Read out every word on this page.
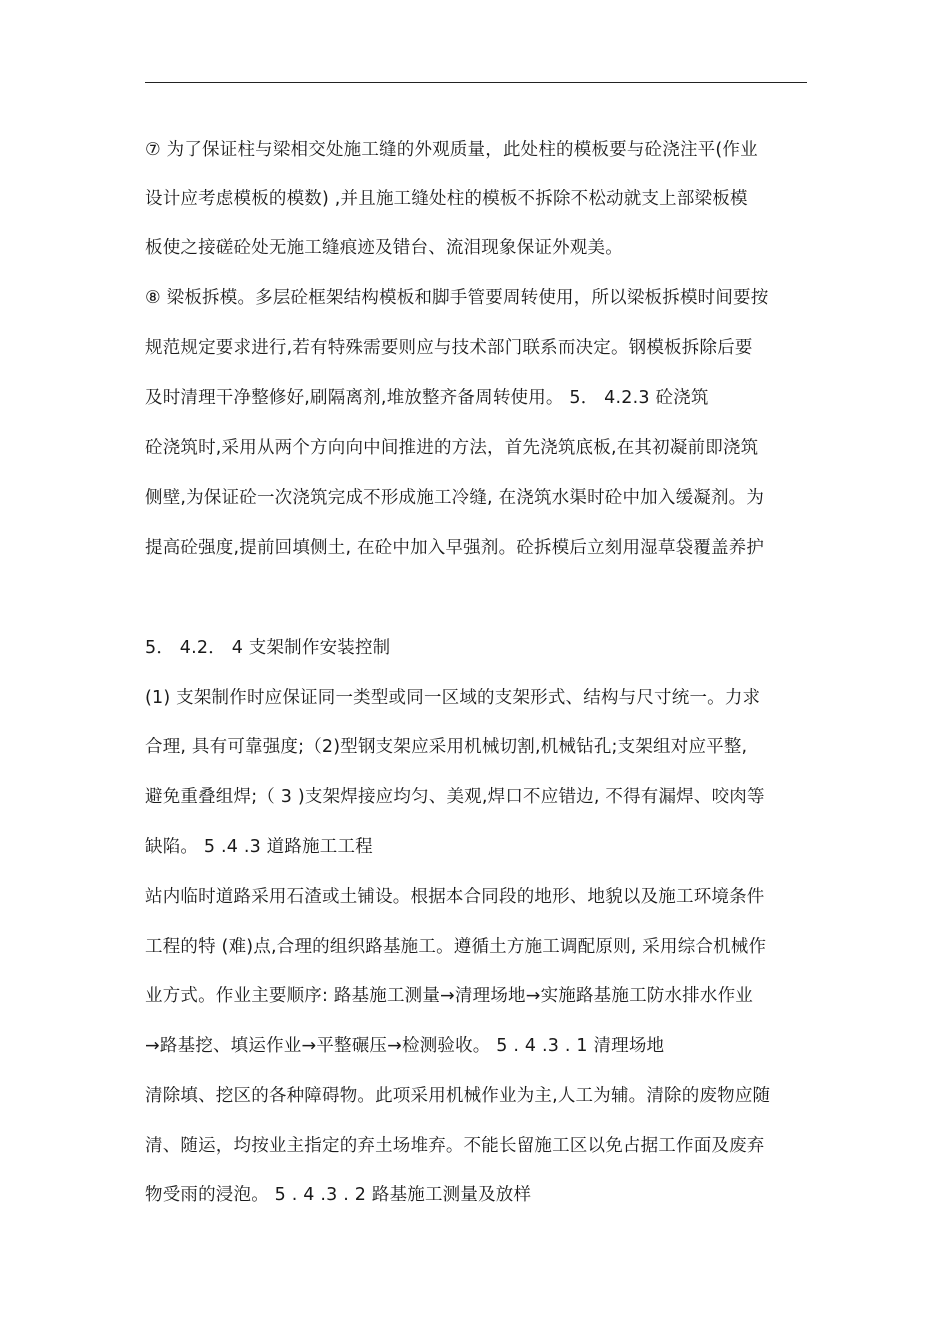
⑦ 为了保证柱与梁相交处施工缝的外观质量，此处柱的模板要与砼浇注平(作业
设计应考虑模板的模数) ,并且施工缝处柱的模板不拆除不松动就支上部梁板模
板使之接磋砼处无施工缝痕迹及错台、流泪现象保证外观美。
⑧ 梁板拆模。多层砼框架结构模板和脚手管要周转使用，所以梁板拆模时间要按
规范规定要求进行,若有特殊需要则应与技术部门联系而决定。钢模板拆除后要
及时清理干净整修好,刷隔离剂,堆放整齐备周转使用。 5． 4.2.3 砼浇筑
砼浇筑时,采用从两个方向向中间推进的方法，首先浇筑底板,在其初凝前即浇筑
侧壁,为保证砼一次浇筑完成不形成施工冷缝, 在浇筑水渠时砼中加入缓凝剂。为
提高砼强度,提前回填侧土, 在砼中加入早强剂。砼拆模后立刻用湿草袋覆盖养护
5． 4.2． 4 支架制作安装控制
(1) 支架制作时应保证同一类型或同一区域的支架形式、结构与尺寸统一。力求
合理, 具有可靠强度;（2)型钢支架应采用机械切割,机械钻孔;支架组对应平整,
避免重叠组焊;（ 3 )支架焊接应均匀、美观,焊口不应错边, 不得有漏焊、咬肉等
缺陷。 5 .4 .3 道路施工工程
站内临时道路采用石渣或土铺设。根据本合同段的地形、地貌以及施工环境条件
工程的特 (难)点,合理的组织路基施工。遵循土方施工调配原则, 采用综合机械作
业方式。作业主要顺序: 路基施工测量→清理场地→实施路基施工防水排水作业
→路基挖、填运作业→平整碾压→检测验收。 5 . 4 .3 . 1 清理场地
清除填、挖区的各种障碍物。此项采用机械作业为主,人工为辅。清除的废物应随
清、随运，均按业主指定的弃土场堆弃。不能长留施工区以免占据工作面及废弃
物受雨的浸泡。 5 . 4 .3 . 2 路基施工测量及放样
